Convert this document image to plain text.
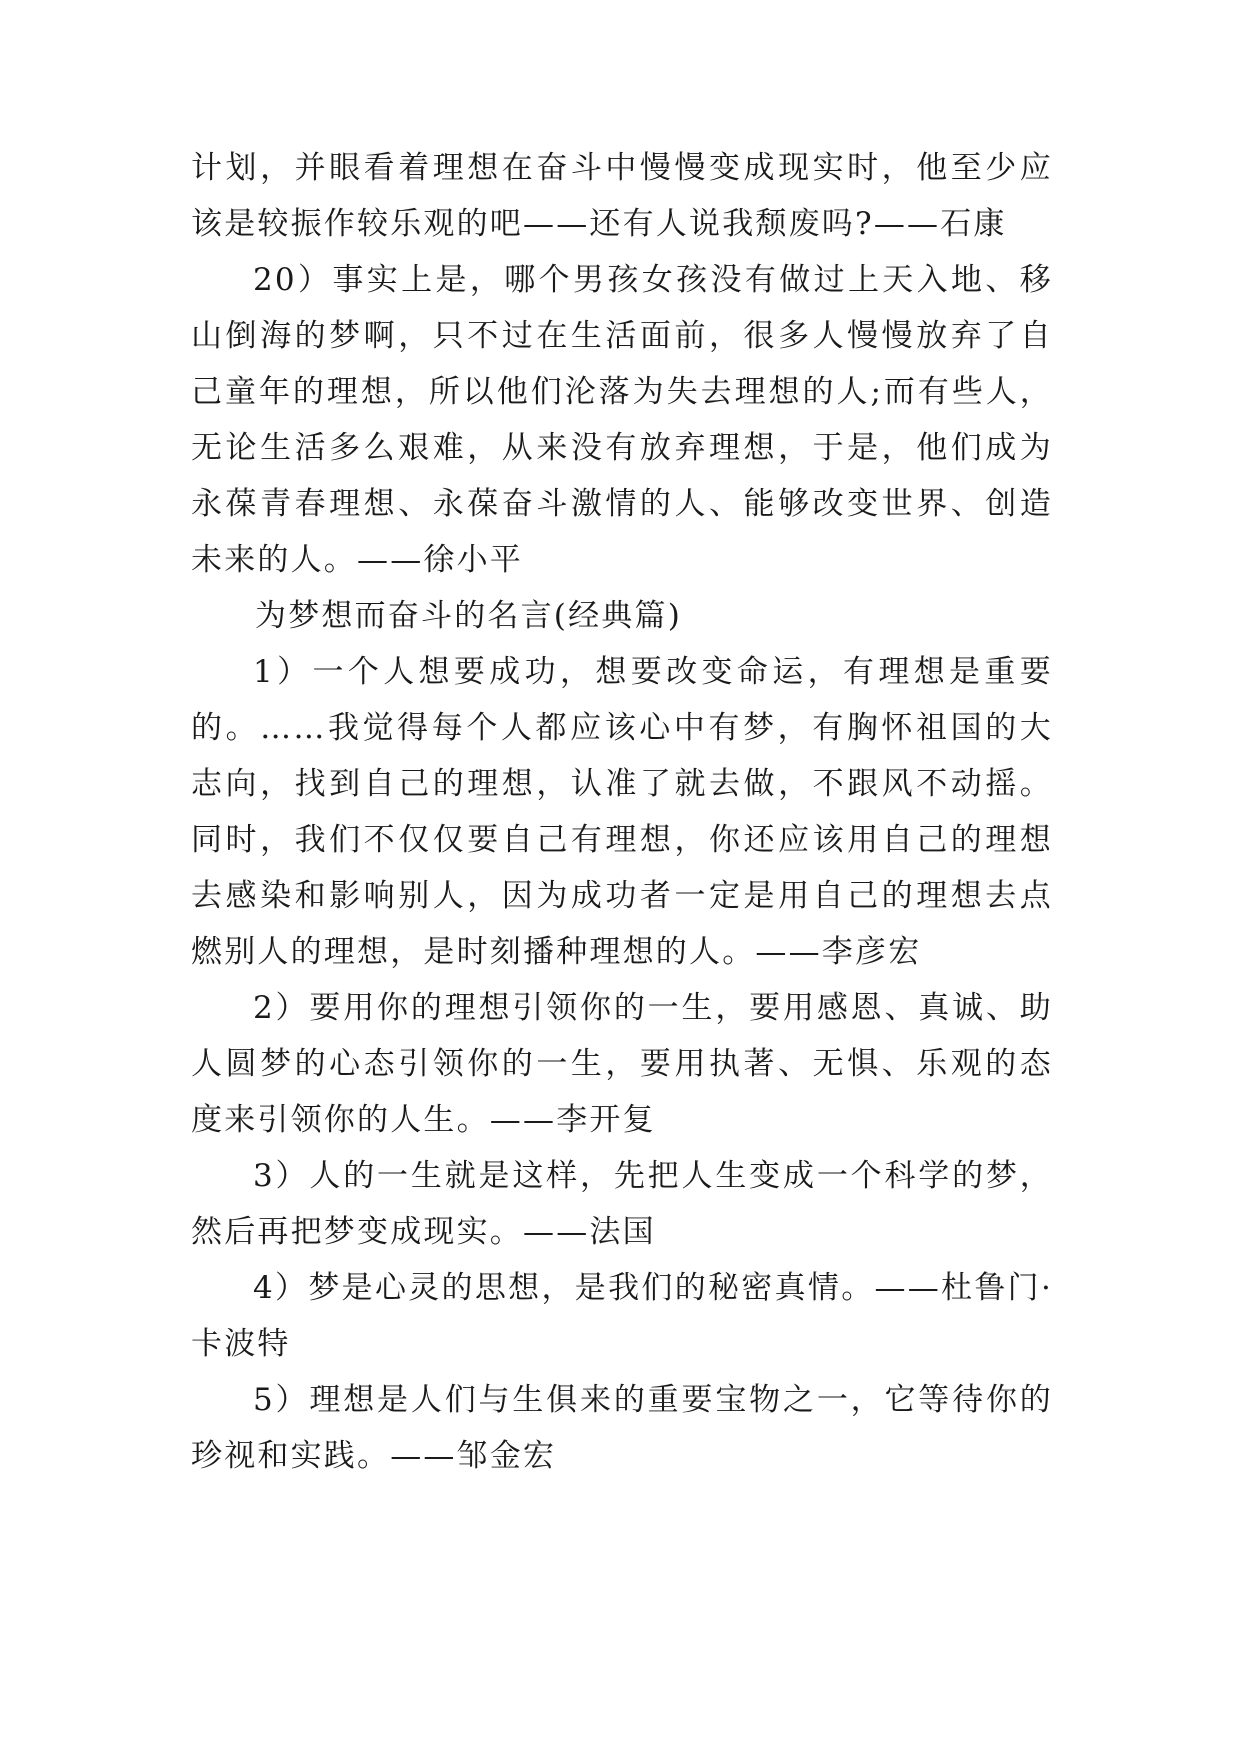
计划，并眼看着理想在奋斗中慢慢变成现实时，他至少应该是较振作较乐观的吧——还有人说我颓废吗?——石康

20）事实上是，哪个男孩女孩没有做过上天入地、移山倒海的梦啊，只不过在生活面前，很多人慢慢放弃了自己童年的理想，所以他们沦落为失去理想的人;而有些人，无论生活多么艰难，从来没有放弃理想，于是，他们成为永葆青春理想、永葆奋斗激情的人、能够改变世界、创造未来的人。——徐小平

为梦想而奋斗的名言(经典篇)

1）一个人想要成功，想要改变命运，有理想是重要的。……我觉得每个人都应该心中有梦，有胸怀祖国的大志向，找到自己的理想，认准了就去做，不跟风不动摇。同时，我们不仅仅要自己有理想，你还应该用自己的理想去感染和影响别人，因为成功者一定是用自己的理想去点燃别人的理想，是时刻播种理想的人。——李彦宏

2）要用你的理想引领你的一生，要用感恩、真诚、助人圆梦的心态引领你的一生，要用执著、无惧、乐观的态度来引领你的人生。——李开复

3）人的一生就是这样，先把人生变成一个科学的梦，然后再把梦变成现实。——法国

4）梦是心灵的思想，是我们的秘密真情。——杜鲁门·卡波特

5）理想是人们与生俱来的重要宝物之一，它等待你的珍视和实践。——邹金宏
